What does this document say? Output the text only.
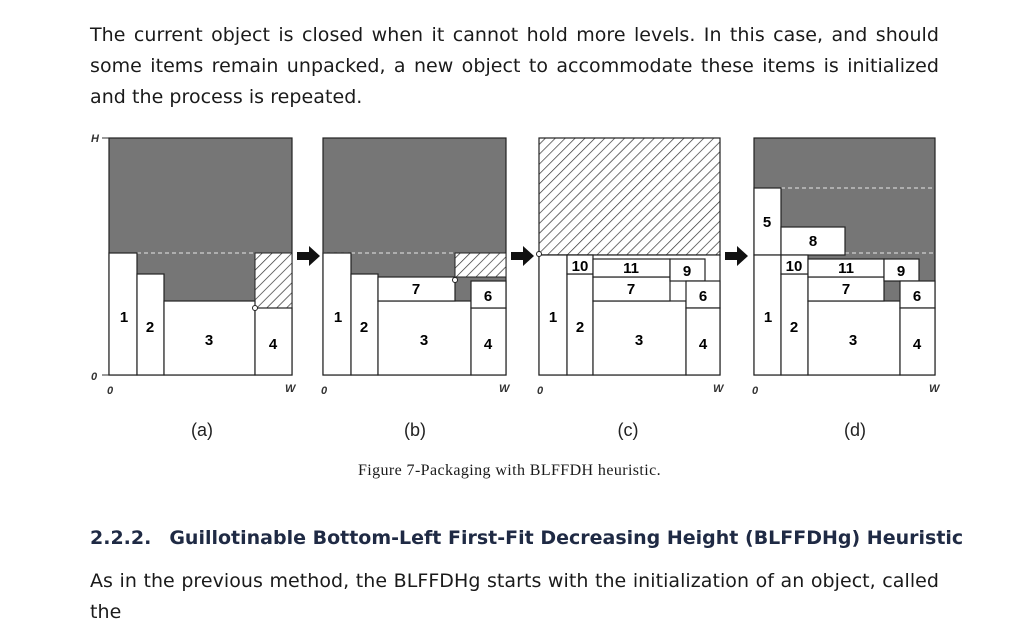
The current object is closed when it cannot hold more levels. In this case, and should some items remain unpacked, a new object to accommodate these items is initialized and the process is repeated.

H
0
1
2
3	4
0	W
(a)
1
2
3	4
6
7
0	W
(b)
1
2
3	4
6
7
9
10 11
0	W
(c)
1
2
3	4
5
6
7
8
9
10 11
0	W
(d)
Figure 7-Packaging with BLFFDH heuristic.
2.2.2. Guillotinable Bottom-Left First-Fit Decreasing Height (BLFFDHg) Heuristic

As in the previous method, the BLFFDHg starts with the initialization of an object, called the
